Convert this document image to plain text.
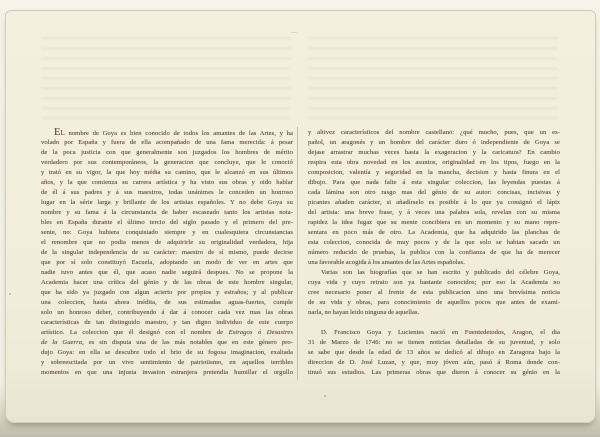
EL nombre de Goya es bien conocido de todos los amantes de las Artes, y ha
volado por España y fuera de ella acompañado de una fama merecida: á pesar
de la poca justicia con que generalmente son juzgados los hombres de mérito
verdadero por sus contemporáneos, la generacion que concluye, que le conoció
y trató en su vigor, la que hoy média su camino, que le alcanzó en sus últimos
años, y la que comienza su carrera artística y ha visto sus obras y oido hablar
de él á sus padres y á sus maestros, todas unánimes le conceden un honroso
lugar en la série larga y brillante de los artistas españoles. Y no debe Goya su
nombre y su fama á la circunstancia de haber escaseado tanto los artistas nota-
bles en España durante el último tercio del siglo pasado y el primero del pre-
sente, no: Goya hubiera conquistado siempre y en cualesquiera circunstancias
el renombre que no podia menos de adquirirle su originalidad verdadera, hija
de la singular independencia de su carácter: maestro de sí mismo, puede decirse
que por sí solo constituyó Escuela, adoptando un modo de ver en artes que
nadie tuvo antes que él, que acaso nadie seguirá despues. No se propone la
Academia hacer una crítica del génio y de las obras de este hombre singular,
que ha sido ya juzgado con algun acierto por propios y estraños; y al publicar
una coleccion, hasta ahora inédita, de sus estimadas aguas-fuertes, cumple
solo un honroso deber, contribuyendo á dar á conocer cada vez mas las obras
características de tan distinguido maestro, y tan digno individuo de este cuerpo
artístico. La coleccion que él designó con el nombre de Estragos ó Desastres
de la Guerra, es sin disputa una de las más notables que en este género pro-
dujo Goya: en ella se descubre todo el brio de su fogosa imaginacion, exaltada
y sobreescitada por un vivo sentimiento de patriotismo, en aquellos terribles
momentos en que una injusta invasion estranjera pretendia humillar el orgullo
y altivez característicos del nombre castellano: ¿qué mucho, pues, que un es-
pañol, un aragonés y un hombre del carácter duro ó independiente de Goya se
dejase arrastrar muchas veces hasta la exageracion y la caricatura? En cambio
respira esta obra novedad en los asuntos, originalidad en los tipos, fuego en la
composicion, valentía y seguridad en la mancha, decision y hasta finura en el
dibujo. Para que nada falte á esta singular coleccion, las leyendas puestas á
cada lámina son otro rasgo mas del génio de su autor: concisas, incisivas y
picantes añaden carácter, si añadírselo es posible á lo que ya consignó el lápiz
del artista: una breve frase, y á veces una palabra sola, revelan con su misma
rapidez la idea fugaz que su mente concibiera en un momento y su mano repre-
sentara en poco más de otro. La Academia, que ha adquirido las planchas de
esta coleccion, conocida de muy pocos y de la que solo se habian sacado un
número reducido de pruebas, la publica con la confianza de que ha de merecer
una favorable acogida á los amantes de las Artes españolas.
Varias son las biografías que se han escrito y publicado del célebre Goya,
cuya vida y cuyo retrato son ya bastante conocidos; por eso la Academia no
cree necesario poner al frente de esta publicacion sino una brevísima noticia
de su vida y obras, para conocimiento de aquellos pocos que antes de exami-
narla, no hayan leido ninguna de aquellas.
D. Francisco Goya y Lucientes nació en Fuentedetodos, Aragon, el dia
31 de Marzo de 1746: no se tienen noticias detalladas de su juventud, y solo
se sabe que desde la edad de 13 años se dedicó al dibujo en Zaragoza bajo la
direccion de D. José Luzan, y que, muy jóven aún, pasó á Roma donde con-
tinuó sus estudios. Las primeras obras que dieron á conocer su génio en la
